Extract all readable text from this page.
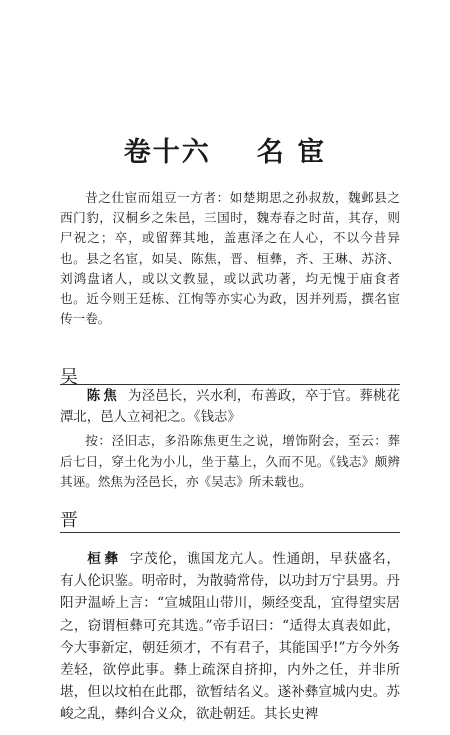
卷十六 名 宦

昔之仕宦而俎豆一方者：如楚期思之孙叔敖，魏邺县之西门豹，汉桐乡之朱邑，三国时，魏寿春之时苗，其存，则尸祝之；卒，或留葬其地，盖惠泽之在人心，不以今昔异也。县之名宦，如吴、陈焦，晋、桓彝，齐、王琳、苏济、刘鸿盘诸人，或以文教显，或以武功著，均无愧于庙食者也。近今则王廷栋、江恂等亦实心为政，因并列焉，撰名宦传一卷。

吴

陈焦 为泾邑长，兴水利，布善政，卒于官。葬桃花潭北，邑人立祠祀之。《钱志》

按：泾旧志，多沿陈焦更生之说，增饰附会，至云：葬后七日，穿土化为小儿，坐于墓上，久而不见。《钱志》颇辨其诬。然焦为泾邑长，亦《吴志》所未载也。

晋

桓彝 字茂伦，谯国龙亢人。性通朗，早获盛名，有人伦识鉴。明帝时，为散骑常侍，以功封万宁县男。丹阳尹温峤上言：“宣城阻山带川，频经变乱，宜得望实居之，窃谓桓彝可充其选。”帝手诏曰：“适得太真表如此，今大事新定，朝廷须才，不有君子，其能国乎!”方今外务差轻，欲停此事。彝上疏深自挤抑，内外之任，并非所堪，但以坟柏在此郡，欲暂结名义。遂补彝宣城内史。苏峻之乱，彝纠合义众，欲赴朝廷。其长史裨
